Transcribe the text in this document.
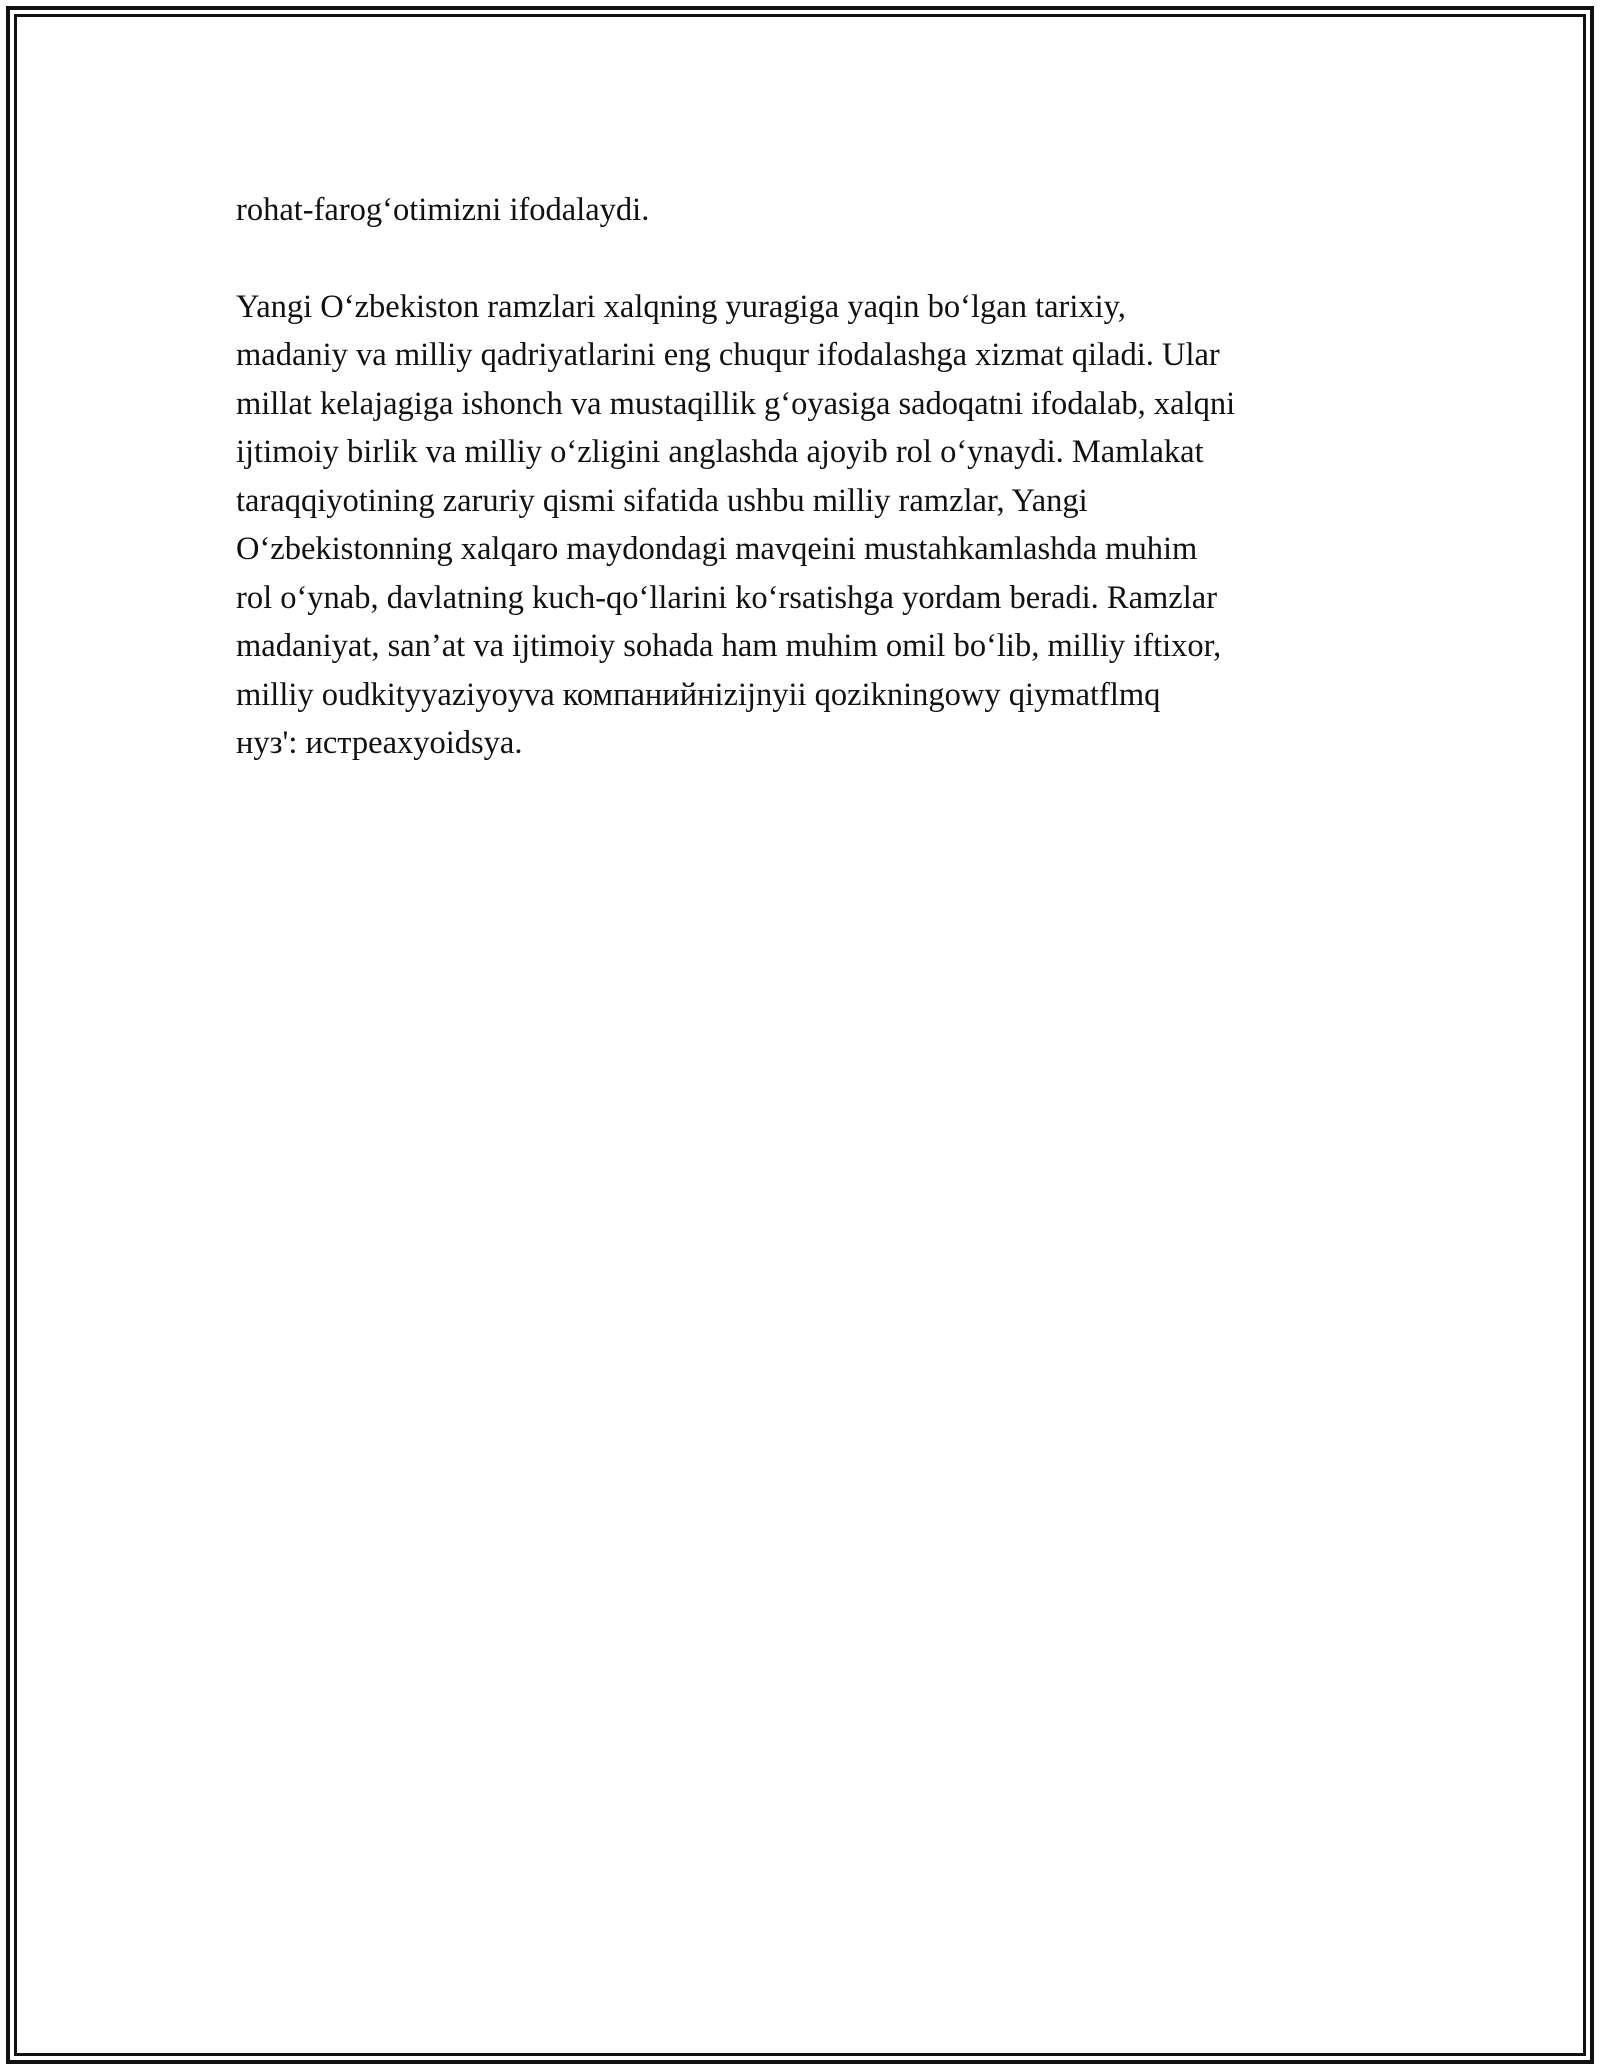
rohat-farog‘otimizni ifodalaydi.

Yangi O‘zbekiston ramzlari xalqning yuragiga yaqin bo‘lgan tarixiy,
madaniy va milliy qadriyatlarini eng chuqur ifodalashga xizmat qiladi. Ular
millat kelajagiga ishonch va mustaqillik g‘oyasiga sadoqatni ifodalab, xalqni
ijtimoiy birlik va milliy o‘zligini anglashda ajoyib rol o‘ynaydi. Mamlakat
taraqqiyotining zaruriy qismi sifatida ushbu milliy ramzlar, Yangi
O‘zbekistonning xalqaro maydondagi mavqeini mustahkamlashda muhim
rol o‘ynab, davlatning kuch-qo‘llarini ko‘rsatishga yordam beradi. Ramzlar
madaniyat, san’at va ijtimoiy sohada ham muhim omil bo‘lib, milliy iftixor,
milliy oudkityyaziyoyva компанийнizijnyii qozikningowy qiymatflmq
нуз': истреaxyoidsya.
